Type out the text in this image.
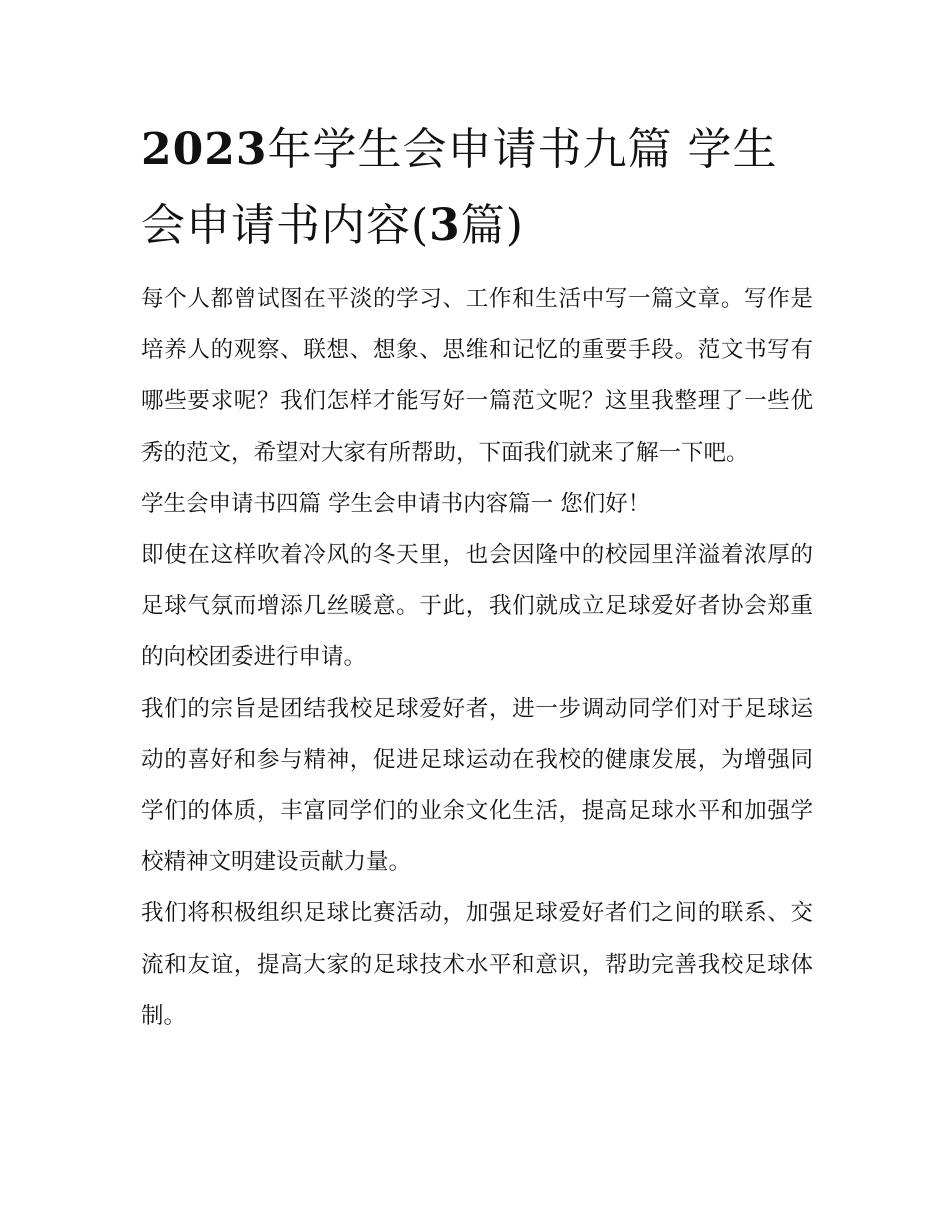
2023年学生会申请书九篇 学生会申请书内容(3篇)

每个人都曾试图在平淡的学习、工作和生活中写一篇文章。写作是培养人的观察、联想、想象、思维和记忆的重要手段。范文书写有哪些要求呢？我们怎样才能写好一篇范文呢？这里我整理了一些优秀的范文，希望对大家有所帮助，下面我们就来了解一下吧。

学生会申请书四篇 学生会申请书内容篇一 您们好！

即使在这样吹着冷风的冬天里，也会因隆中的校园里洋溢着浓厚的足球气氛而增添几丝暖意。于此，我们就成立足球爱好者协会郑重的向校团委进行申请。

我们的宗旨是团结我校足球爱好者，进一步调动同学们对于足球运动的喜好和参与精神，促进足球运动在我校的健康发展，为增强同学们的体质，丰富同学们的业余文化生活，提高足球水平和加强学校精神文明建设贡献力量。

我们将积极组织足球比赛活动，加强足球爱好者们之间的联系、交流和友谊，提高大家的足球技术水平和意识，帮助完善我校足球体制。
